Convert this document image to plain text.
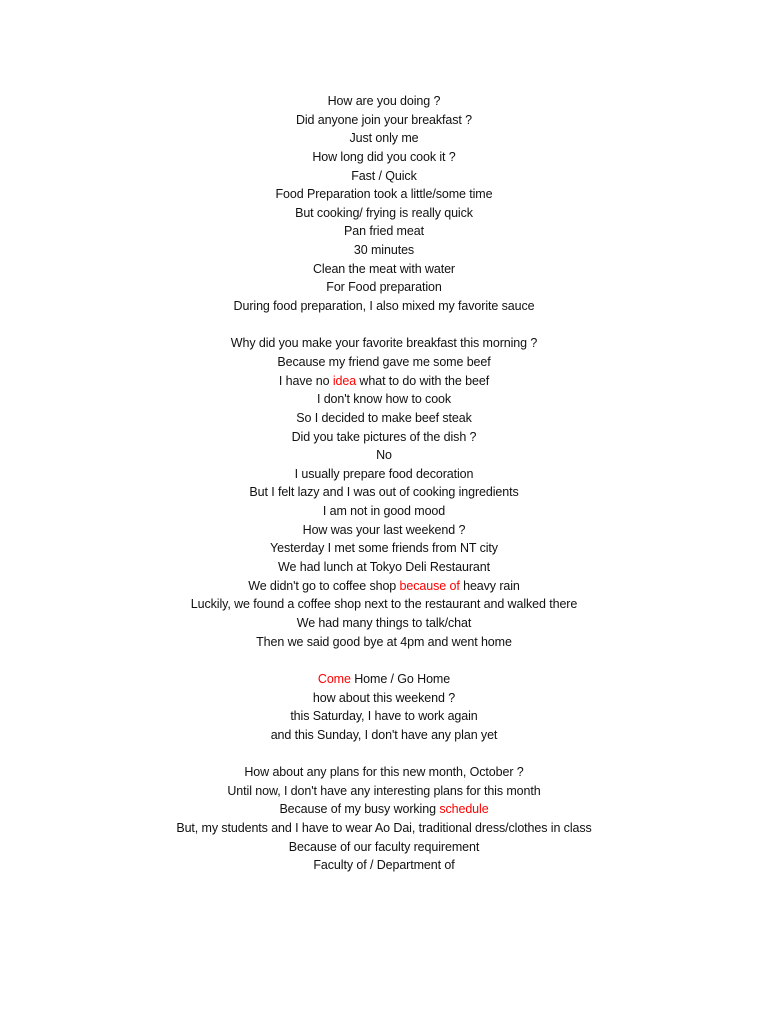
How are you doing ?
Did anyone join your breakfast ?
Just only me
How long did you cook it ?
Fast / Quick
Food Preparation took a little/some time
But cooking/ frying is really quick
Pan fried meat
30 minutes
Clean the meat with water
For Food preparation
During food preparation, I also mixed my favorite sauce
Why did you make your favorite breakfast this morning ?
Because my friend gave me some beef
I have no idea what to do with the beef
I don't know how to cook
So I decided to make beef steak
Did you take pictures of the dish ?
No
I usually prepare food decoration
But I felt lazy and I was out of cooking ingredients
I am not in good mood
How was your last weekend ?
Yesterday I met some friends from NT city
We had lunch at Tokyo Deli Restaurant
We didn't go to coffee shop because of heavy rain
Luckily, we found a coffee shop next to the restaurant and walked there
We had many things to talk/chat
Then we said good bye at 4pm and went home
Come Home / Go Home
how about this weekend ?
this Saturday, I have to work again
and this Sunday, I don't have any plan yet
How about any plans for this new month, October ?
Until now, I don't have any interesting plans for this month
Because of my busy working schedule
But, my students and I have to wear Ao Dai, traditional dress/clothes in class
Because of our faculty requirement
Faculty of / Department of
